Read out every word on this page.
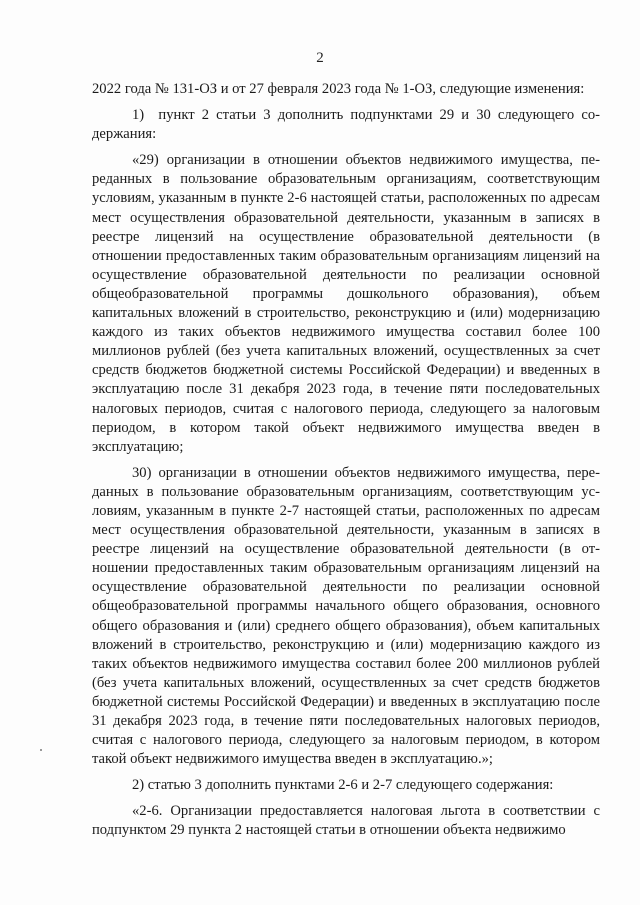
2

2022 года № 131-ОЗ и от 27 февраля 2023 года № 1-ОЗ, следующие изменения:

1)  пункт 2 статьи 3 дополнить подпунктами 29 и 30 следующего содержания:

«29) организации в отношении объектов недвижимого имущества, переданных в пользование образовательным организациям, соответствующим условиям, указанным в пункте 2-6 настоящей статьи, расположенных по адресам мест осуществления образовательной деятельности, указанным в записях в реестре лицензий на осуществление образовательной деятельности (в отношении предоставленных таким образовательным организациям лицензий на осуществление образовательной деятельности по реализации основной общеобразовательной программы дошкольного образования), объем капитальных вложений в строительство, реконструкцию и (или) модернизацию каждого из таких объектов недвижимого имущества составил более 100 миллионов рублей (без учета капитальных вложений, осуществленных за счет средств бюджетов бюджетной системы Российской Федерации) и введенных в эксплуатацию после 31 декабря 2023 года, в течение пяти последовательных налоговых периодов, считая с налогового периода, следующего за налоговым периодом, в котором такой объект недвижимого имущества введен в эксплуатацию;

30) организации в отношении объектов недвижимого имущества, переданных в пользование образовательным организациям, соответствующим условиям, указанным в пункте 2-7 настоящей статьи, расположенных по адресам мест осуществления образовательной деятельности, указанным в записях в реестре лицензий на осуществление образовательной деятельности (в отношении предоставленных таким образовательным организациям лицензий на осуществление образовательной деятельности по реализации основной общеобразовательной программы начального общего образования, основного общего образования и (или) среднего общего образования), объем капитальных вложений в строительство, реконструкцию и (или) модернизацию каждого из таких объектов недвижимого имущества составил более 200 миллионов рублей (без учета капитальных вложений, осуществленных за счет средств бюджетов бюджетной системы Российской Федерации) и введенных в эксплуатацию после 31 декабря 2023 года, в течение пяти последовательных налоговых периодов, считая с налогового периода, следующего за налоговым периодом, в котором такой объект недвижимого имущества введен в эксплуатацию.»;

2) статью 3 дополнить пунктами 2-6 и 2-7 следующего содержания:

«2-6. Организации предоставляется налоговая льгота в соответствии с подпунктом 29 пункта 2 настоящей статьи в отношении объекта недвижимо
